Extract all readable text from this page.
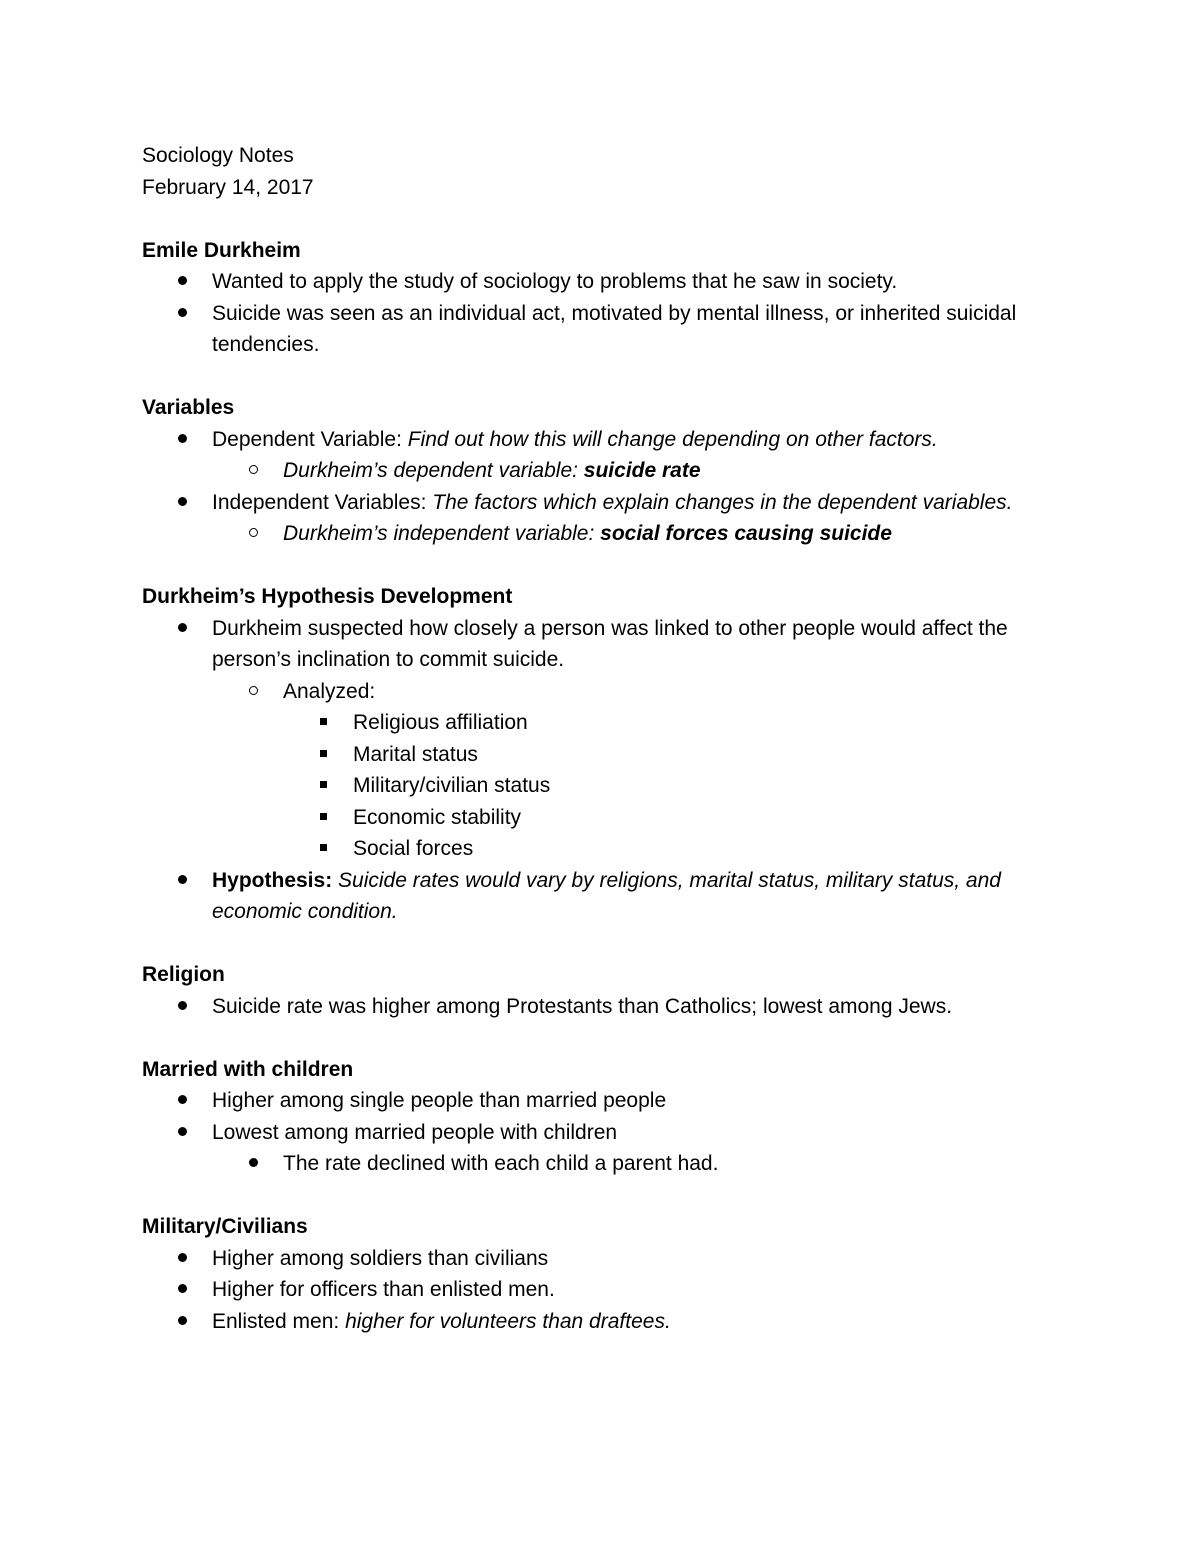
Sociology Notes

February 14, 2017

Emile Durkheim

Wanted to apply the study of sociology to problems that he saw in society.
Suicide was seen as an individual act, motivated by mental illness, or inherited suicidal tendencies.

Variables

Dependent Variable: Find out how this will change depending on other factors.
Durkheim’s dependent variable: suicide rate
Independent Variables: The factors which explain changes in the dependent variables.
Durkheim’s independent variable: social forces causing suicide

Durkheim’s Hypothesis Development

Durkheim suspected how closely a person was linked to other people would affect the person’s inclination to commit suicide.
Analyzed:
Religious affiliation
Marital status
Military/civilian status
Economic stability
Social forces
Hypothesis: Suicide rates would vary by religions, marital status, military status, and economic condition.

Religion

Suicide rate was higher among Protestants than Catholics; lowest among Jews.

Married with children

Higher among single people than married people
Lowest among married people with children
The rate declined with each child a parent had.

Military/Civilians

Higher among soldiers than civilians
Higher for officers than enlisted men.
Enlisted men: higher for volunteers than draftees.
